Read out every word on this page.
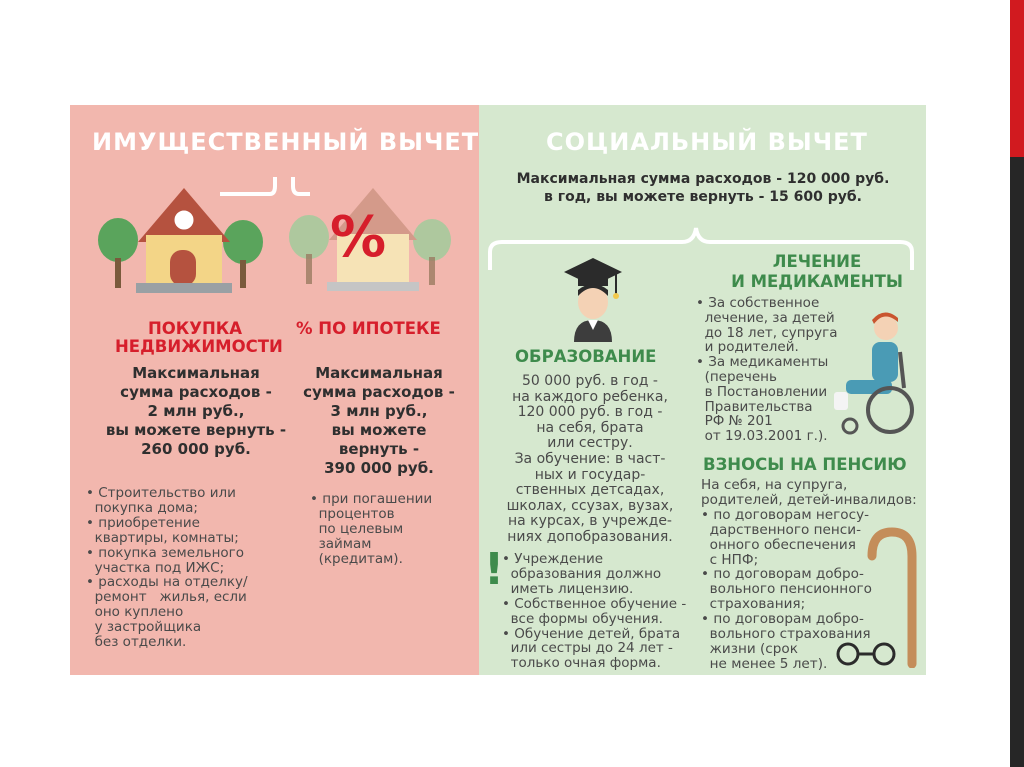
ИМУЩЕСТВЕННЫЙ ВЫЧЕТ
%
ПОКУПКА
НЕДВИЖИМОСТИ
% ПО ИПОТЕКЕ
Максимальная
сумма расходов -
2 млн руб.,
вы можете вернуть -
260 000 руб.
Максимальная
сумма расходов -
3 млн руб.,
вы можете
вернуть -
390 000 руб.
• Строительство или
покупка дома;
• приобретение
квартиры, комнаты;
• покупка земельного
участка под ИЖС;
• расходы на отделку/
ремонт   жилья, если
оно куплено
у застройщика
без отделки.
• при погашении
процентов
по целевым
займам
(кредитам).
СОЦИАЛЬНЫЙ ВЫЧЕТ
Максимальная сумма расходов - 120 000 руб.
в год, вы можете вернуть - 15 600 руб.
ОБРАЗОВАНИЕ
50 000 руб. в год -
на каждого ребенка,
120 000 руб. в год -
на себя, брата
или сестру.
За обучение: в част-
ных и государ-
ственных детсадах,
школах, ссузах, вузах,
на курсах, в учрежде-
ниях допобразования.
!
• Учреждение
образования должно
иметь лицензию.
• Собственное обучение -
все формы обучения.
• Обучение детей, брата
или сестры до 24 лет -
только очная форма.
ЛЕЧЕНИЕ
И МЕДИКАМЕНТЫ
• За собственное
лечение, за детей
до 18 лет, супруга
и родителей.
• За медикаменты
(перечень
в Постановлении
Правительства
РФ № 201
от 19.03.2001 г.).
ВЗНОСЫ НА ПЕНСИЮ
На себя, на супруга,
родителей, детей-инвалидов:
• по договорам негосу-
дарственного пенси-
онного обеспечения
с НПФ;
• по договорам добро-
вольного пенсионного
страхования;
• по договорам добро-
вольного страхования
жизни (срок
не менее 5 лет).
